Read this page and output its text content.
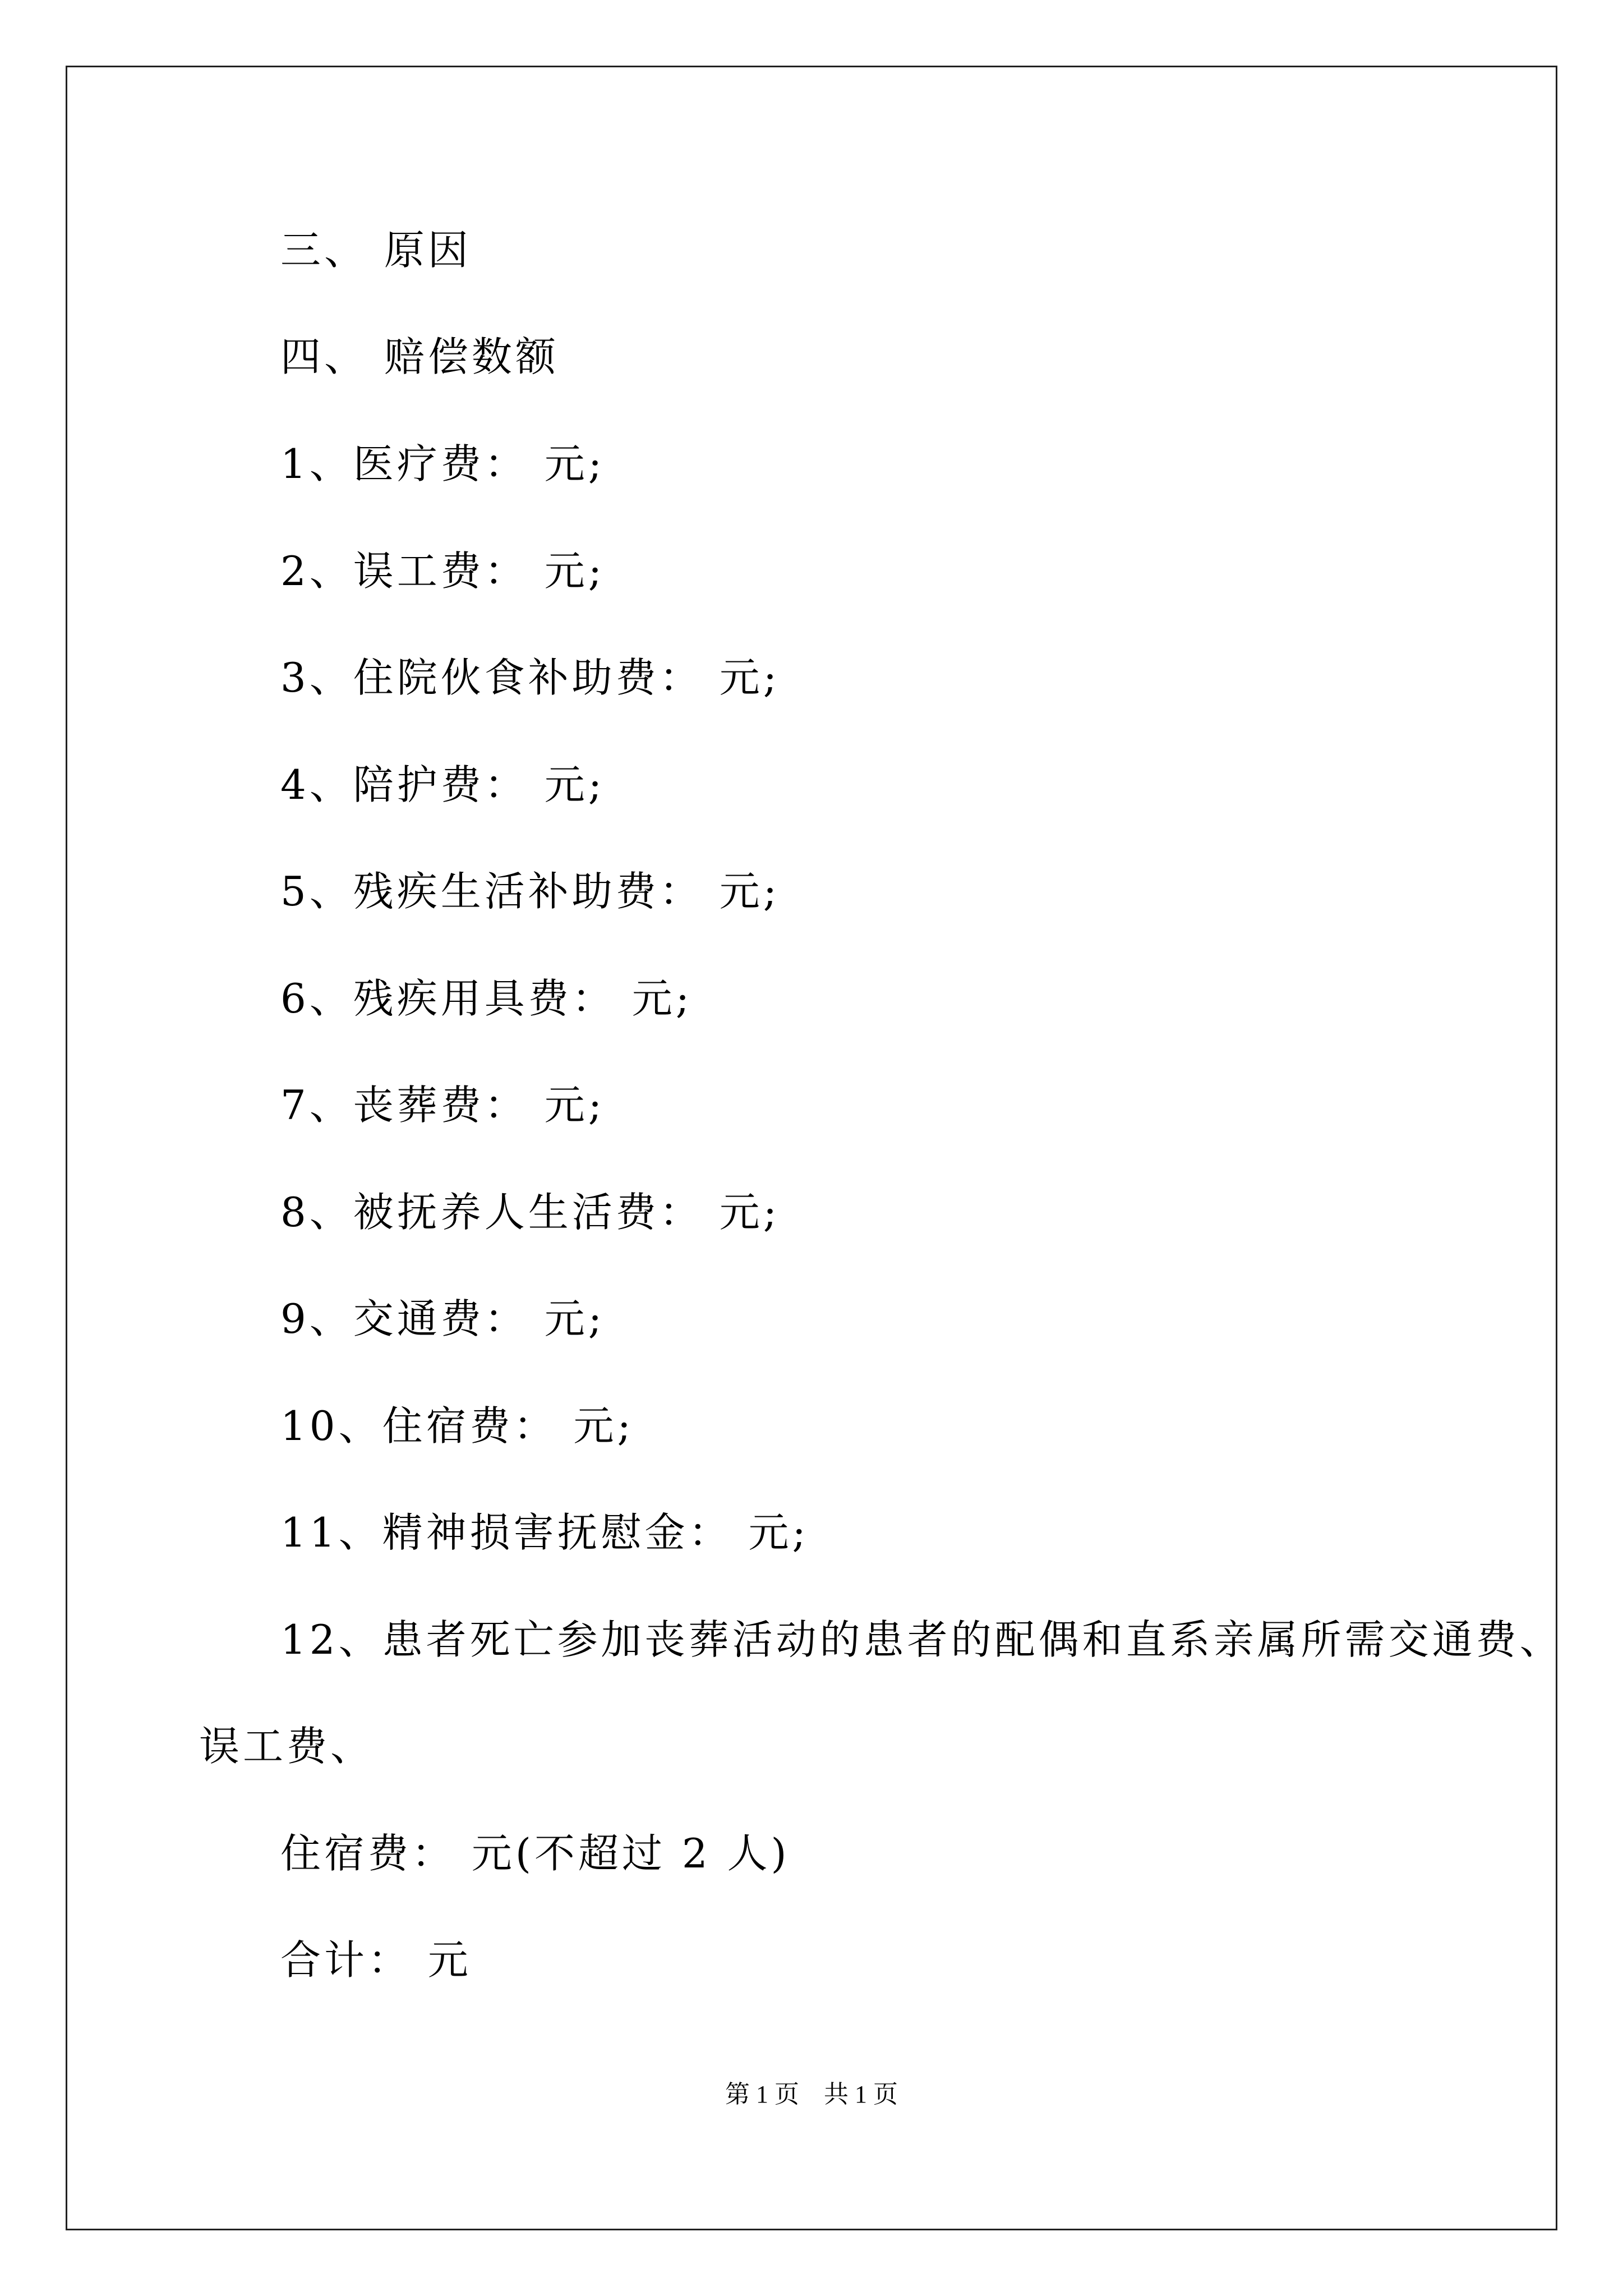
三、 原因

四、 赔偿数额

1、医疗费： 元;

2、误工费： 元;

3、住院伙食补助费： 元;

4、陪护费： 元;

5、残疾生活补助费： 元;

6、残疾用具费： 元;

7、丧葬费： 元;

8、被抚养人生活费： 元;

9、交通费： 元;

10、住宿费： 元;

11、精神损害抚慰金： 元;

12、患者死亡参加丧葬活动的患者的配偶和直系亲属所需交通费、

误工费、

住宿费： 元(不超过 2 人)

合计： 元

第 1 页　共 1 页
